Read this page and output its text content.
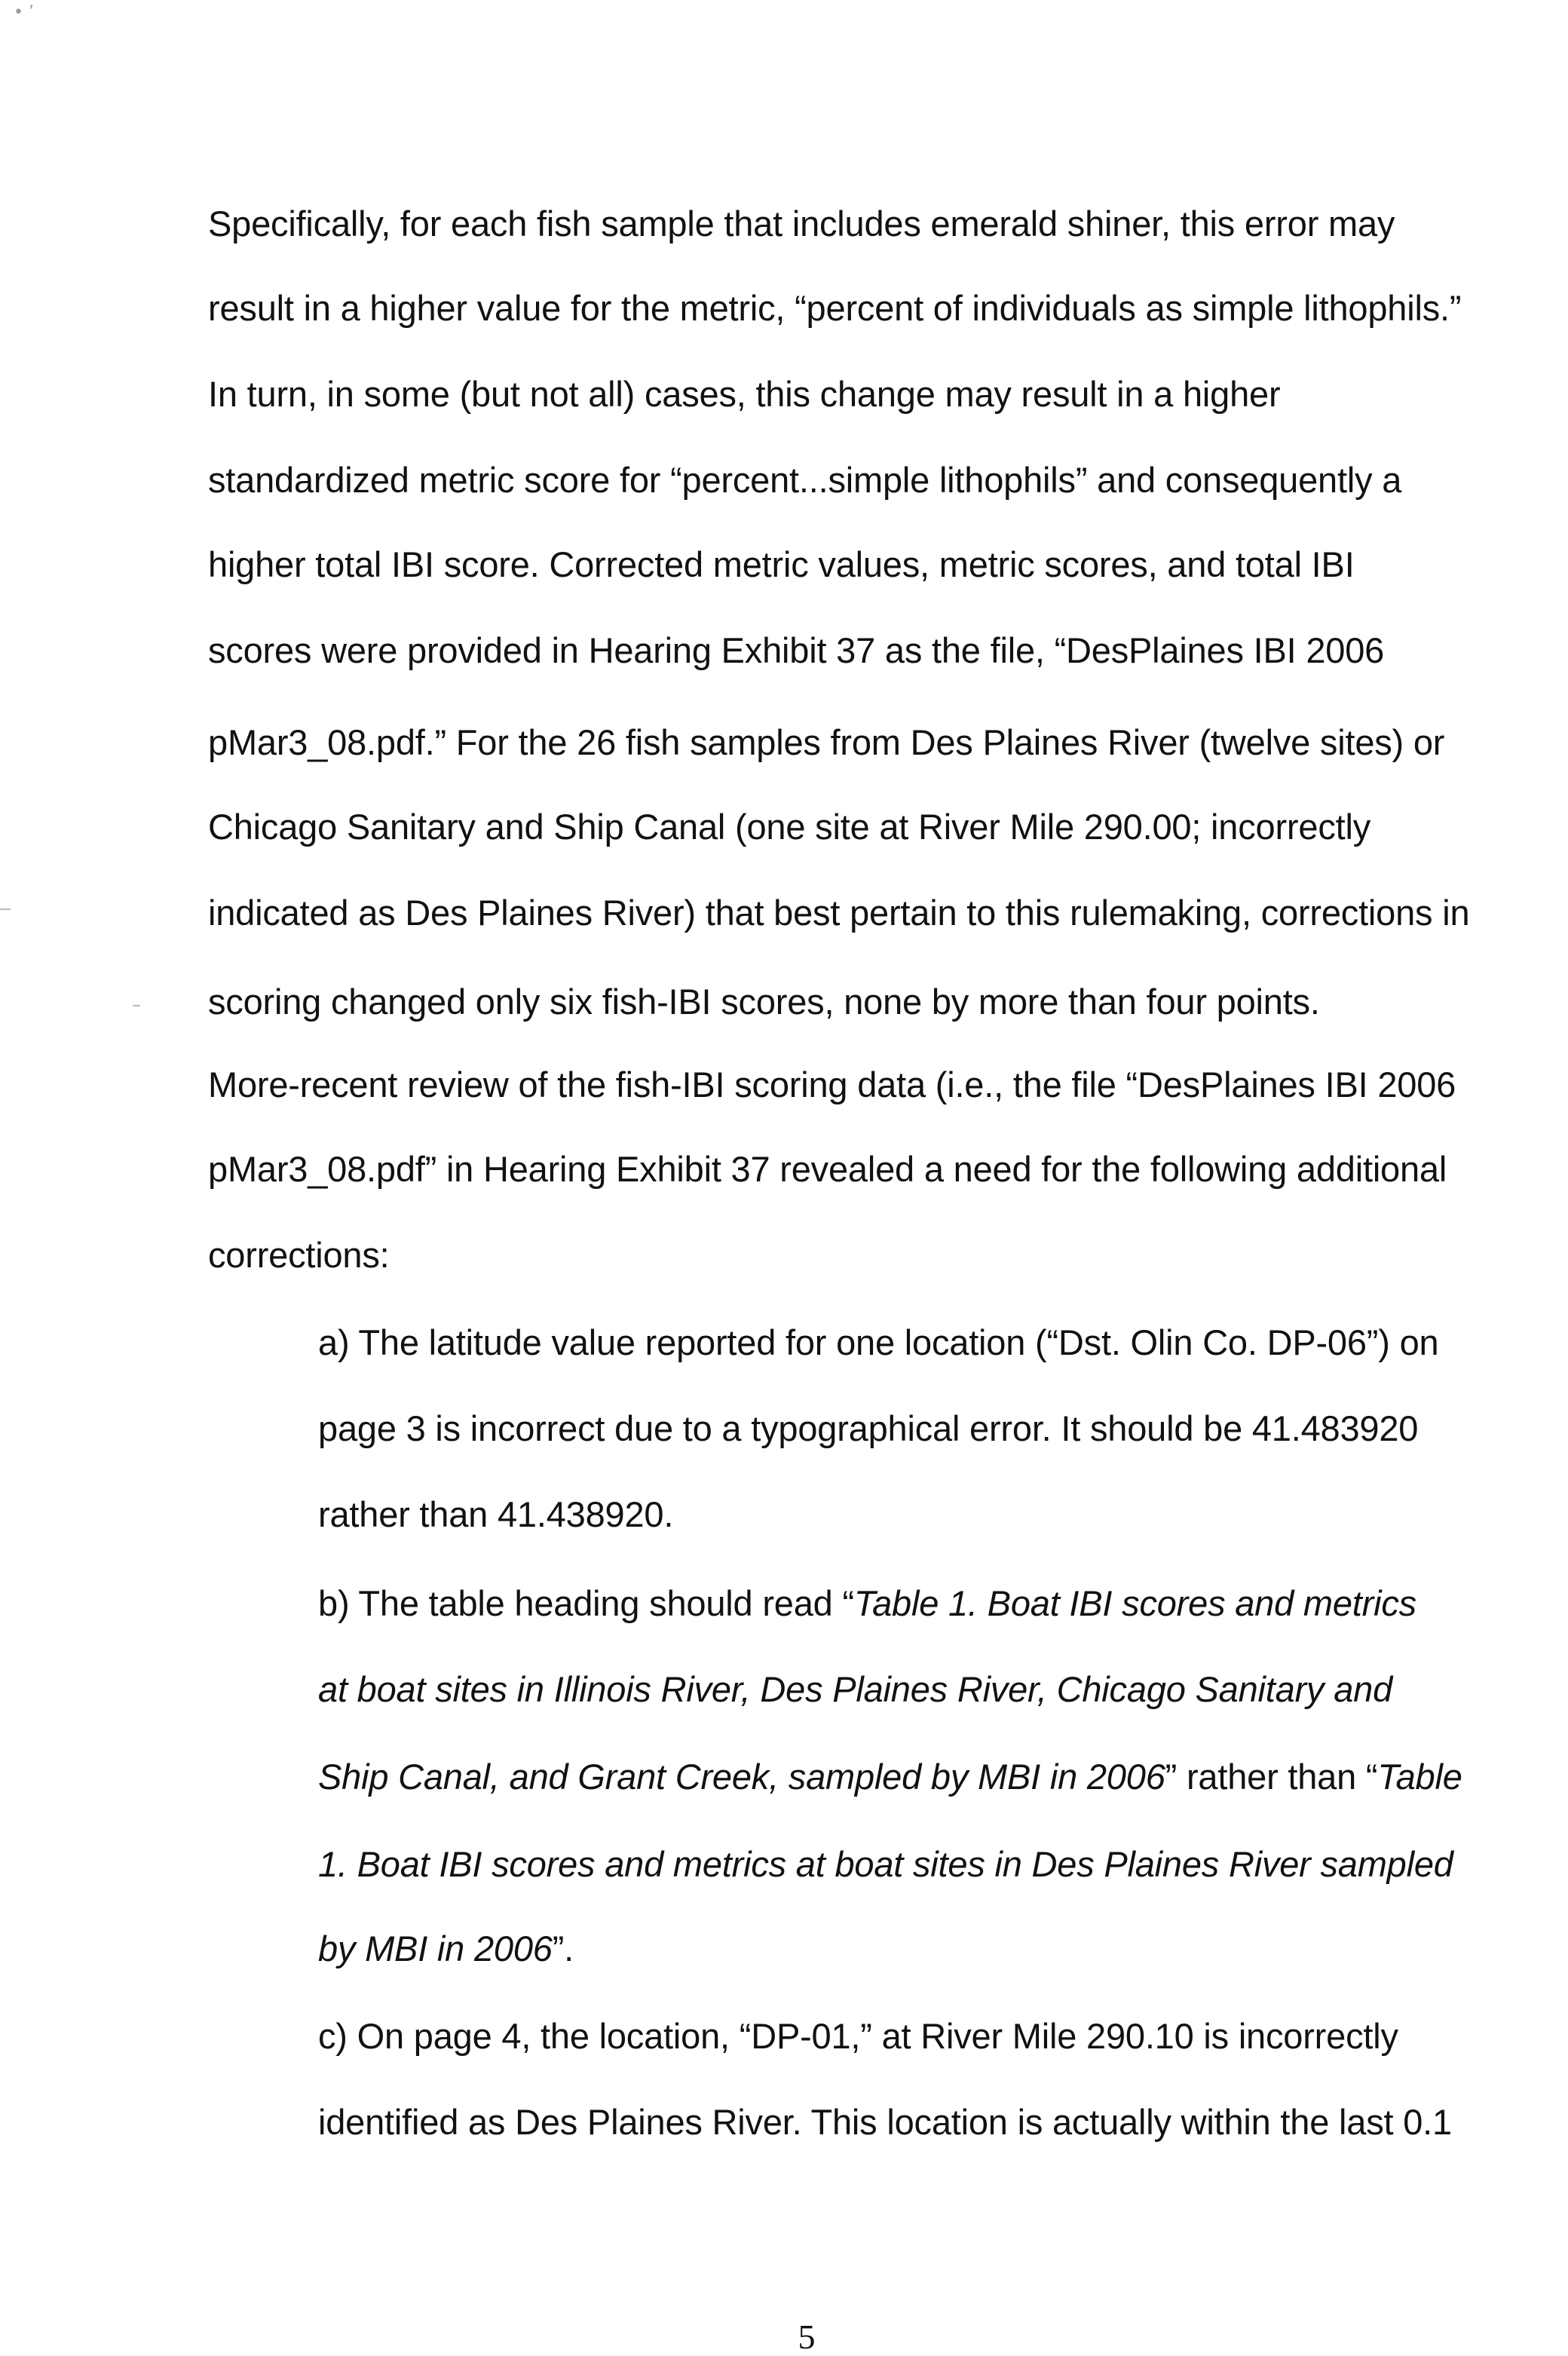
• ’
Specifically, for each fish sample that includes emerald shiner, this error may
result in a higher value for the metric, “percent of individuals as simple lithophils.”
In turn, in some (but not all) cases, this change may result in a higher
standardized metric score for “percent...simple lithophils” and consequently a
higher total IBI score. Corrected metric values, metric scores, and total IBI
scores were provided in Hearing Exhibit 37 as the file, “DesPlaines IBI 2006
pMar3_08.pdf.” For the 26 fish samples from Des Plaines River (twelve sites) or
Chicago Sanitary and Ship Canal (one site at River Mile 290.00; incorrectly
indicated as Des Plaines River) that best pertain to this rulemaking, corrections in
scoring changed only six fish-IBI scores, none by more than four points.
More-recent review of the fish-IBI scoring data (i.e., the file “DesPlaines IBI 2006
pMar3_08.pdf” in Hearing Exhibit 37 revealed a need for the following additional
corrections:
a) The latitude value reported for one location (“Dst. Olin Co. DP-06”) on
page 3 is incorrect due to a typographical error. It should be 41.483920
rather than 41.438920.
b) The table heading should read “Table 1. Boat IBI scores and metrics
at boat sites in Illinois River, Des Plaines River, Chicago Sanitary and
Ship Canal, and Grant Creek, sampled by MBI in 2006” rather than “Table
1. Boat IBI scores and metrics at boat sites in Des Plaines River sampled
by MBI in 2006”.
c) On page 4, the location, “DP-01,” at River Mile 290.10 is incorrectly
identified as Des Plaines River. This location is actually within the last 0.1
5
